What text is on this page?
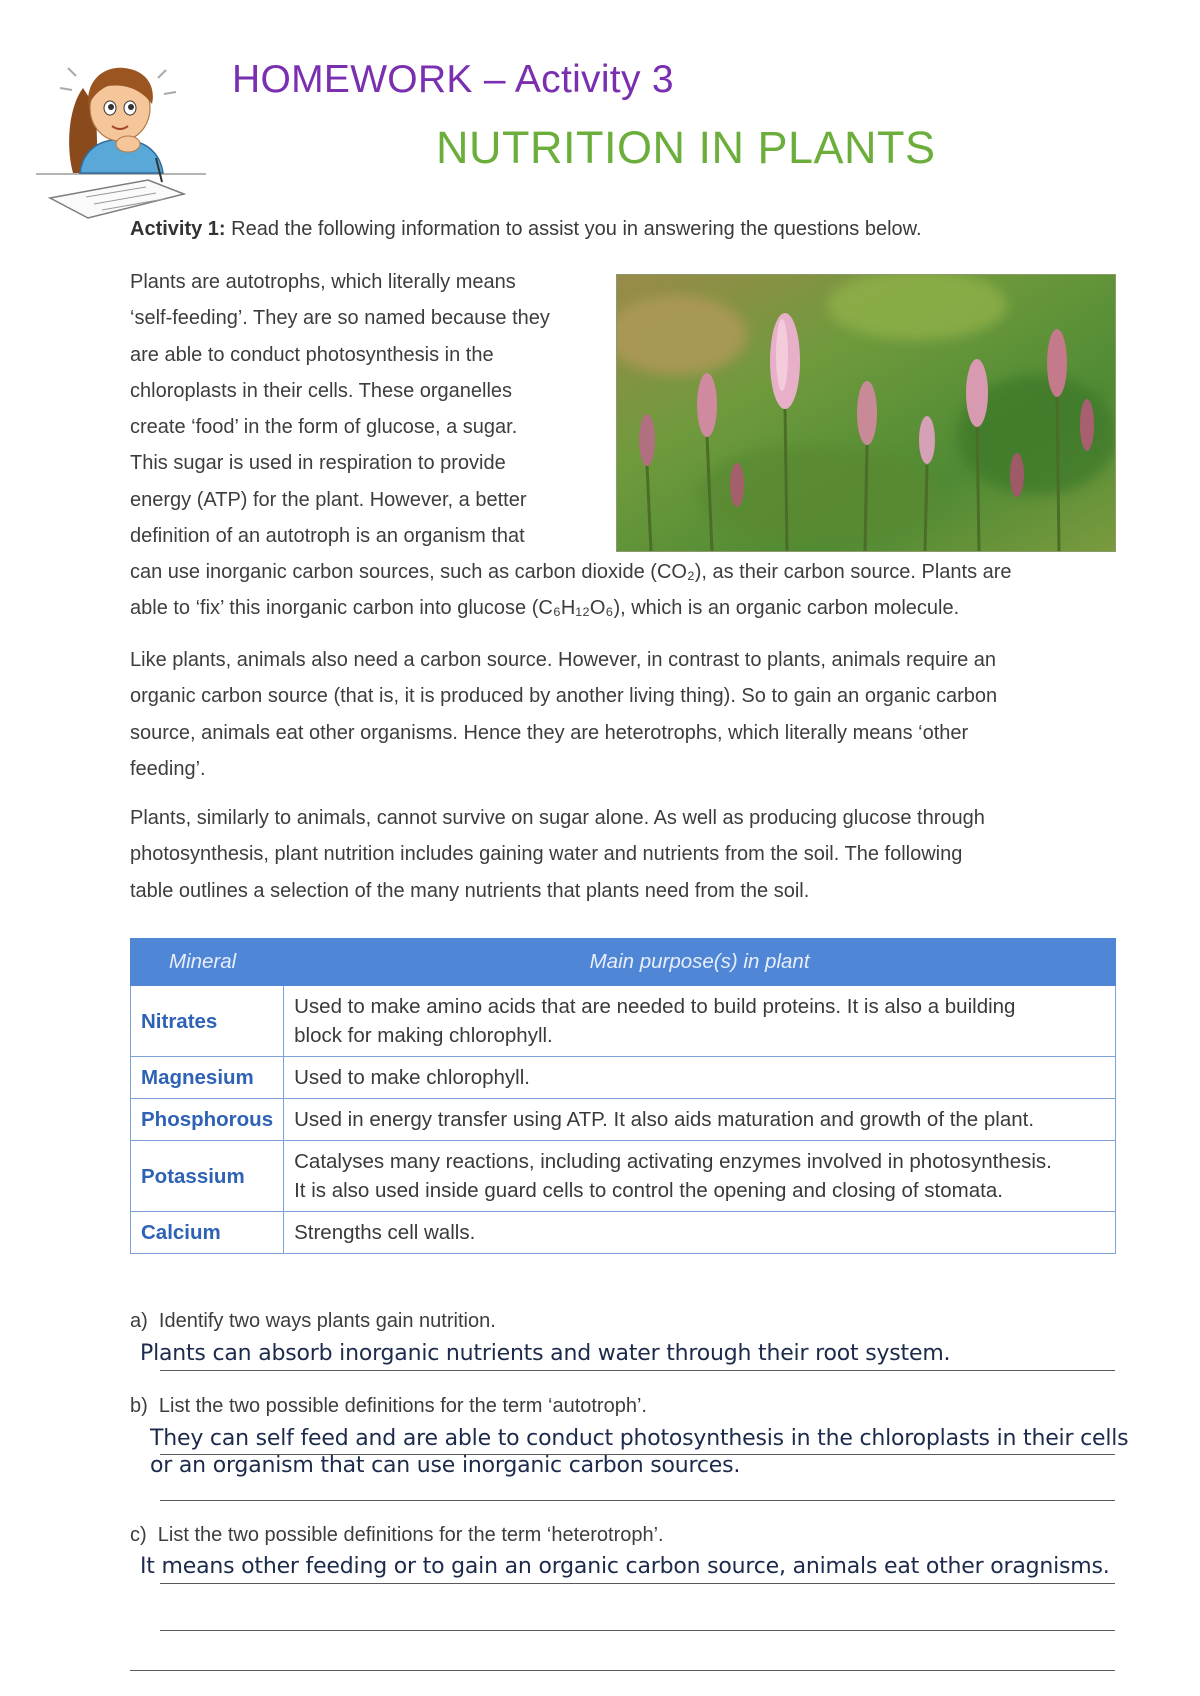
HOMEWORK – Activity 3
NUTRITION IN PLANTS
Activity 1: Read the following information to assist you in answering the questions below.
Plants are autotrophs, which literally means
‘self-feeding’. They are so named because they
are able to conduct photosynthesis in the
chloroplasts in their cells. These organelles
create ‘food’ in the form of glucose, a sugar.
This sugar is used in respiration to provide
energy (ATP) for the plant. However, a better
definition of an autotroph is an organism that
can use inorganic carbon sources, such as carbon dioxide (CO₂), as their carbon source. Plants are
able to ‘fix’ this inorganic carbon into glucose (C₆H₁₂O₆), which is an organic carbon molecule.
Like plants, animals also need a carbon source. However, in contrast to plants, animals require an
organic carbon source (that is, it is produced by another living thing). So to gain an organic carbon
source, animals eat other organisms. Hence they are heterotrophs, which literally means ‘other
feeding’.
Plants, similarly to animals, cannot survive on sugar alone. As well as producing glucose through
photosynthesis, plant nutrition includes gaining water and nutrients from the soil. The following
table outlines a selection of the many nutrients that plants need from the soil.
Mineral	Main purpose(s) in plant
Nitrates	Used to make amino acids that are needed to build proteins. It is also a building
block for making chlorophyll.

Magnesium	Used to make chlorophyll.

Phosphorous	Used in energy transfer using ATP. It also aids maturation and growth of the plant.

Potassium	Catalyses many reactions, including activating enzymes involved in photosynthesis.
It is also used inside guard cells to control the opening and closing of stomata.

Calcium	Strengths cell walls.
a) Identify two ways plants gain nutrition.
Plants can absorb inorganic nutrients and water through their root system.
b) List the two possible definitions for the term ‘autotroph’.
They can self feed and are able to conduct photosynthesis in the chloroplasts in their cells
or an organism that can use inorganic carbon sources.
c) List the two possible definitions for the term ‘heterotroph’.
It means other feeding or to gain an organic carbon source, animals eat other oragnisms.
